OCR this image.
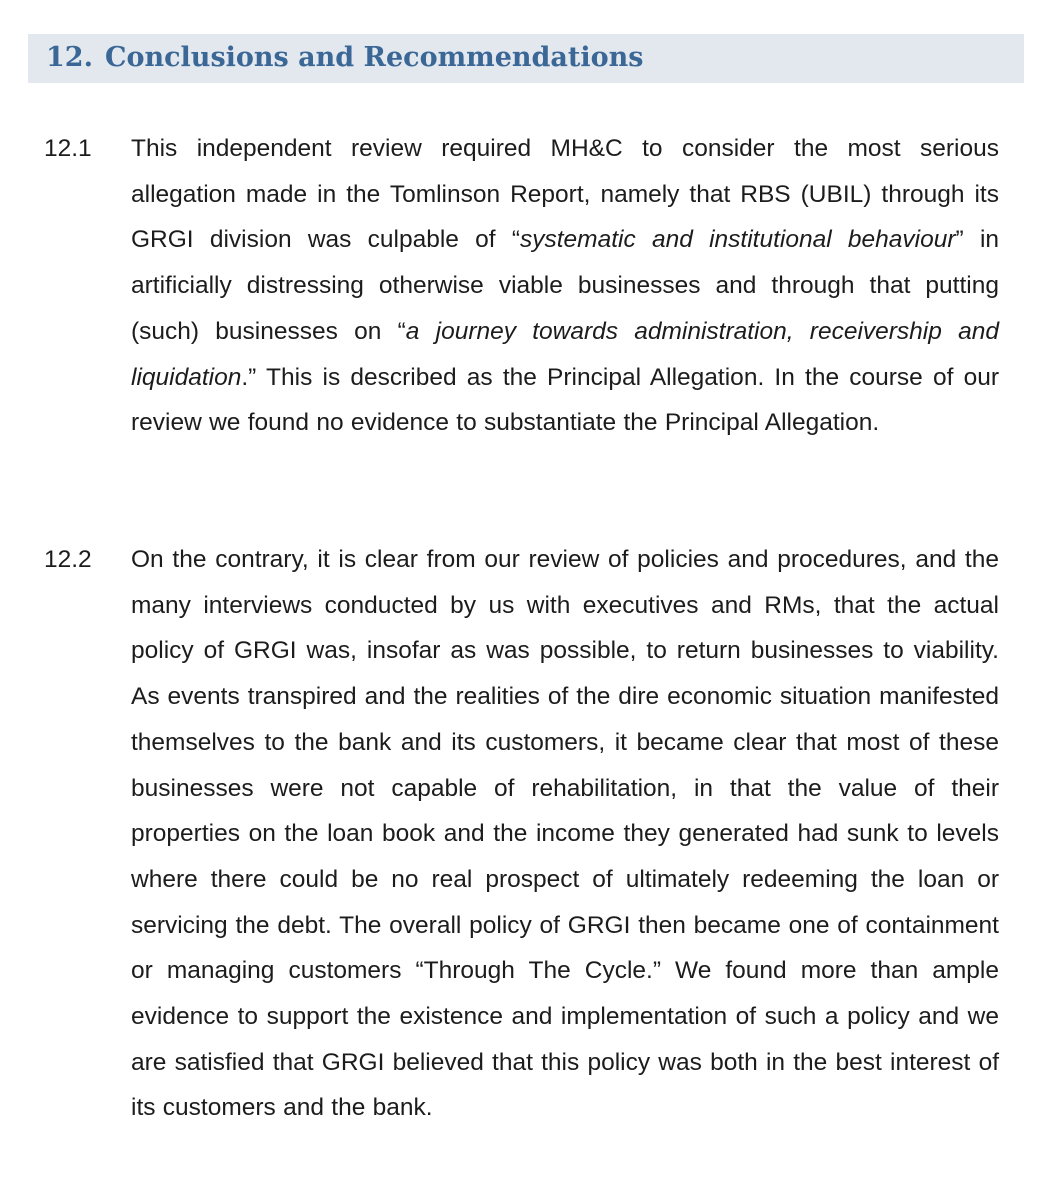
12. Conclusions and Recommendations
12.1 This independent review required MH&C to consider the most serious allegation made in the Tomlinson Report, namely that RBS (UBIL) through its GRGI division was culpable of “systematic and institutional behaviour” in artificially distressing otherwise viable businesses and through that putting (such) businesses on “a journey towards administration, receivership and liquidation.” This is described as the Principal Allegation. In the course of our review we found no evidence to substantiate the Principal Allegation.

12.2 On the contrary, it is clear from our review of policies and procedures, and the many interviews conducted by us with executives and RMs, that the actual policy of GRGI was, insofar as was possible, to return businesses to viability. As events transpired and the realities of the dire economic situation manifested themselves to the bank and its customers, it became clear that most of these businesses were not capable of rehabilitation, in that the value of their properties on the loan book and the income they generated had sunk to levels where there could be no real prospect of ultimately redeeming the loan or servicing the debt. The overall policy of GRGI then became one of containment or managing customers “Through The Cycle.” We found more than ample evidence to support the existence and implementation of such a policy and we are satisfied that GRGI believed that this policy was both in the best interest of its customers and the bank.
